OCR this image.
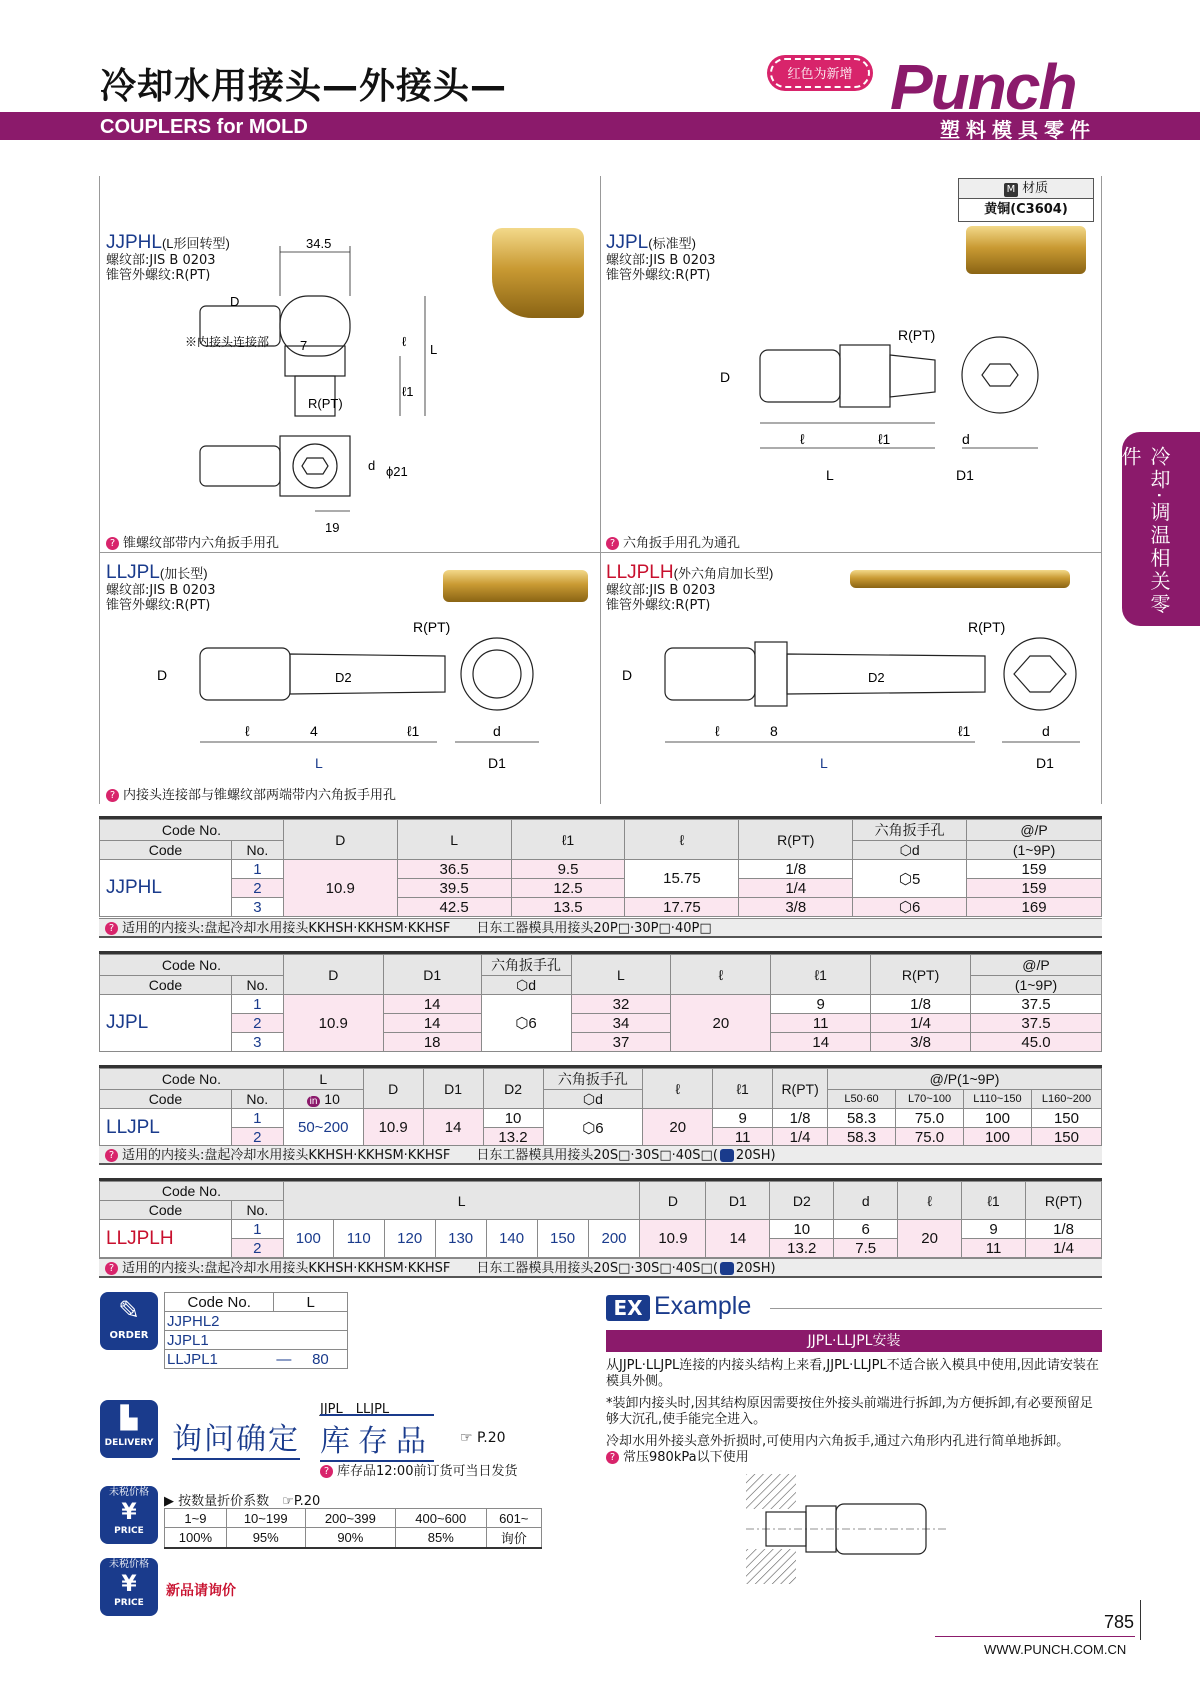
冷却水用接头—外接头—
COUPLERS for MOLD
红色为新增 Punch
塑料模具零件
冷却·调温相关零件
M 材质
黄铜(C3604)
JJPHL(L形回转型)
螺纹部:JIS B 0203
锥管外螺纹:R(PT)
34.5
D
※内接头连接部 7
R(PT)
ℓ
ℓ1
L
d ϕ21
19
? 锥螺纹部带内六角扳手用孔
JJPL(标准型)
螺纹部:JIS B 0203
锥管外螺纹:R(PT)
R(PT)
D
ℓ	ℓ1	d
L	D1
? 六角扳手用孔为通孔
LLJPL(加长型)
螺纹部:JIS B 0203
锥管外螺纹:R(PT)
R(PT)
D	D2
ℓ	4	ℓ1	d
L	D1
? 内接头连接部与锥螺纹部两端带内六角扳手用孔
LLJPLH(外六角肩加长型)
螺纹部:JIS B 0203
锥管外螺纹:R(PT)
R(PT)
D	D2
ℓ	8	ℓ1	d
L	D1
Code No.		D	L	ℓ1	ℓ	R(PT)	六角扳手孔	@/P
Code	No.						⬡d	(1~9P)
JJPHL	1	10.9	36.5	9.5	15.75	1/8	⬡5	159
	2		39.5	12.5		1/4		159
	3		42.5	13.5	17.75	3/8	⬡6	169
? 适用的内接头:盘起冷却水用接头KKHSH·KKHSM·KKHSF　　日东工器模具用接头20P□·30P□·40P□
Code No.		D	D1	六角扳手孔	L	ℓ	ℓ1	R(PT)	@/P
Code	No.			⬡d					(1~9P)
JJPL	1	10.9	14	⬡6	32	20	9	1/8	37.5
	2		14		34		11	1/4	37.5
	3		18		37		14	3/8	45.0
Code No.		L	D	D1	D2	六角扳手孔	ℓ	ℓ1	R(PT)	@/P(1~9P)			
Code	No.	in 10				⬡d				L50·60	L70~100	L110~150	L160~200
LLJPL	1	50~200	10.9	14	10	⬡6	20	9	1/8	58.3	75.0	100	150
	2				13.2			11	1/4	58.3	75.0	100	150
? 适用的内接头:盘起冷却水用接头KKHSH·KKHSM·KKHSF　　日东工器模具用接头20S□·30S□·40S□( 20SH)
Code No.		L							D	D1	D2	d	ℓ	ℓ1	R(PT)
Code	No.														
LLJPLH	1	100	110	120	130	140	150	200	10.9	14	10	6	20	9	1/8
	2										13.2	7.5		11	1/4
? 适用的内接头:盘起冷却水用接头KKHSH·KKHSM·KKHSF　　日东工器模具用接头20S□·30S□·40S□( 20SH)
✎
ORDER
Code No.	L	
JJPHL2		
JJPL1		
LLJPL1	—	80
▙
DELIVERY 询问确定
JJPL　LLJPL
库存品 ☞ P.20
? 库存品12:00前订货可当日发货
未税价格
¥
PRICE
▶ 按数量折价系数　 ☞P.20
1~9	10~199	200~399	400~600	601~
100%	95%	90%	85%	询价
未税价格
¥
PRICE
新品请询价
EX Example
JJPL·LLJPL安装
从JJPL·LLJPL连接的内接头结构上来看,JJPL·LLJPL不适合嵌入模具中使用,因此请安装在模具外侧。
*装卸内接头时,因其结构原因需要按住外接头前端进行拆卸,为方便拆卸,有必要预留足够大沉孔,使手能完全进入。
冷却水用外接头意外折损时,可使用内六角扳手,通过六角形内孔进行简单地拆卸。
? 常压980kPa以下使用
785
WWW.PUNCH.COM.CN
